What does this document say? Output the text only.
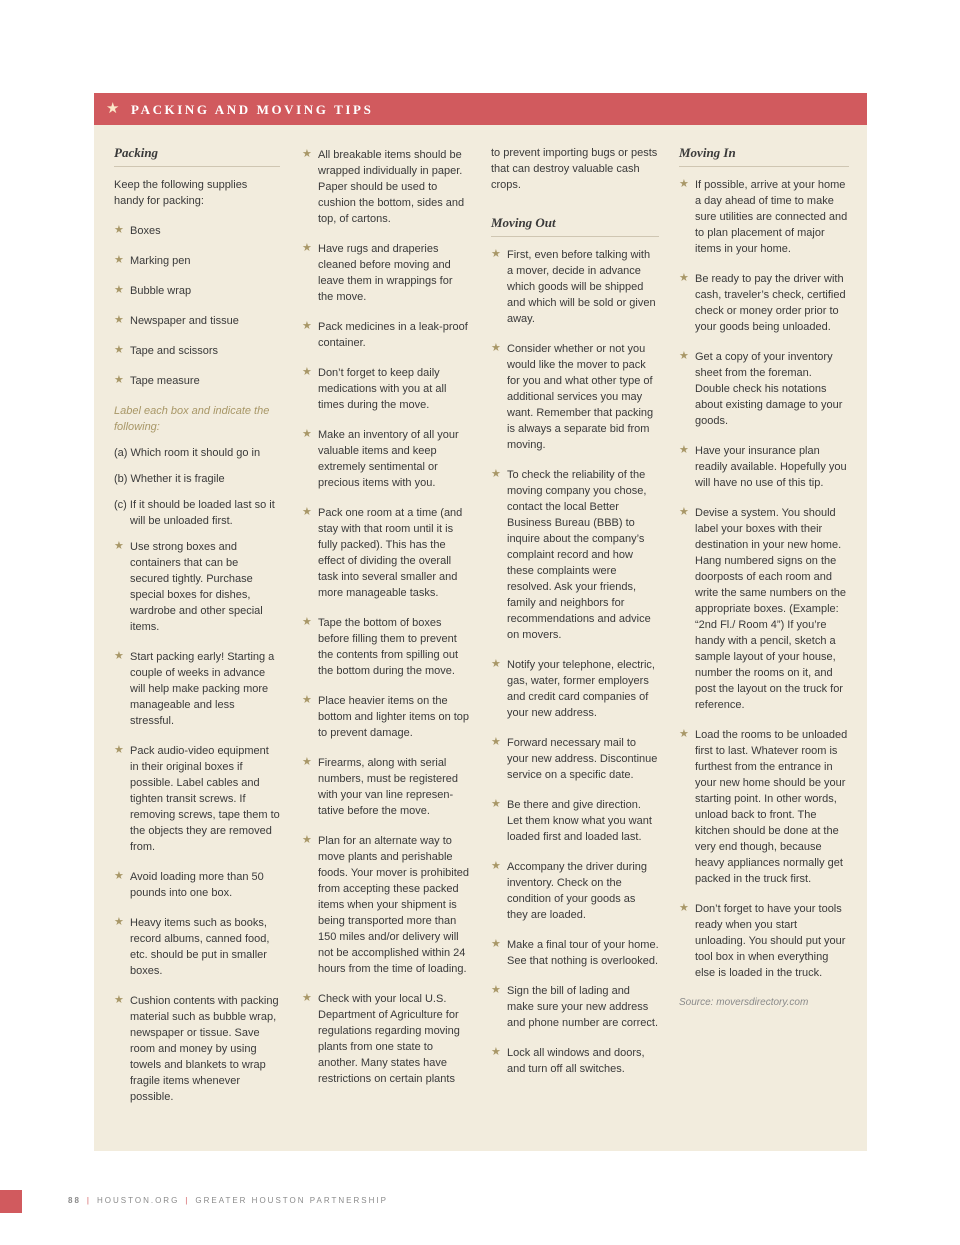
★ PACKING AND MOVING TIPS
Packing

Keep the following supplies handy for packing:

★ Boxes
★ Marking pen
★ Bubble wrap
★ Newspaper and tissue
★ Tape and scissors
★ Tape measure

Label each box and indicate the following:

(a) Which room it should go in

(b) Whether it is fragile

(c) If it should be loaded last so it will be unloaded first.

★ Use strong boxes and containers that can be secured tightly. Purchase special boxes for dishes, wardrobe and other special items.
★ Start packing early! Starting a couple of weeks in advance will help make packing more manageable and less stressful.
★ Pack audio-video equipment in their original boxes if possible. Label cables and tighten transit screws. If removing screws, tape them to the objects they are removed from.
★ Avoid loading more than 50 pounds into one box.
★ Heavy items such as books, record albums, canned food, etc. should be put in smaller boxes.
★ Cushion contents with packing material such as bubble wrap, newspaper or tissue. Save room and money by using towels and blankets to wrap fragile items whenever possible.
★ All breakable items should be wrapped individually in paper. Paper should be used to cushion the bottom, sides and top, of cartons.
★ Have rugs and draperies cleaned before moving and leave them in wrappings for the move.
★ Pack medicines in a leak-proof container.
★ Don’t forget to keep daily medications with you at all times during the move.
★ Make an inventory of all your valuable items and keep extremely sentimental or precious items with you.
★ Pack one room at a time (and stay with that room until it is fully packed). This has the effect of dividing the overall task into several smaller and more manageable tasks.
★ Tape the bottom of boxes before filling them to prevent the contents from spilling out the bottom during the move.
★ Place heavier items on the bottom and lighter items on top to prevent damage.
★ Firearms, along with serial numbers, must be registered with your van line represen-tative before the move.
★ Plan for an alternate way to move plants and perishable foods. Your mover is prohibited from accepting these packed items when your shipment is being transported more than 150 miles and/or delivery will not be accomplished within 24 hours from the time of loading.
★ Check with your local U.S. Department of Agriculture for regulations regarding moving plants from one state to another. Many states have restrictions on certain plants

to prevent importing bugs or pests that can destroy valuable cash crops.

Moving Out
★ First, even before talking with a mover, decide in advance which goods will be shipped and which will be sold or given away.
★ Consider whether or not you would like the mover to pack for you and what other type of additional services you may want. Remember that packing is always a separate bid from moving.
★ To check the reliability of the moving company you chose, contact the local Better Business Bureau (BBB) to inquire about the company’s complaint record and how these complaints were resolved. Ask your friends, family and neighbors for recommendations and advice on movers.
★ Notify your telephone, electric, gas, water, former employers and credit card companies of your new address.
★ Forward necessary mail to your new address. Discontinue service on a specific date.
★ Be there and give direction. Let them know what you want loaded first and loaded last.
★ Accompany the driver during inventory. Check on the condition of your goods as they are loaded.
★ Make a final tour of your home. See that nothing is overlooked.
★ Sign the bill of lading and make sure your new address and phone number are correct.
★ Lock all windows and doors, and turn off all switches.
Moving In
★ If possible, arrive at your home a day ahead of time to make sure utilities are connected and to plan placement of major items in your home.
★ Be ready to pay the driver with cash, traveler’s check, certified check or money order prior to your goods being unloaded.
★ Get a copy of your inventory sheet from the foreman. Double check his notations about existing damage to your goods.
★ Have your insurance plan readily available. Hopefully you will have no use of this tip.
★ Devise a system. You should label your boxes with their destination in your new home. Hang numbered signs on the doorposts of each room and write the same numbers on the appropriate boxes. (Example: “2nd Fl./ Room 4”) If you’re handy with a pencil, sketch a sample layout of your house, number the rooms on it, and post the layout on the truck for reference.
★ Load the rooms to be unloaded first to last. Whatever room is furthest from the entrance in your new home should be your starting point. In other words, unload back to front. The kitchen should be done at the very end though, because heavy appliances normally get packed in the truck first.
★ Don’t forget to have your tools ready when you start unloading. You should put your tool box in when everything else is loaded in the truck.

Source: moversdirectory.com

88 | HOUSTON.ORG | GREATER HOUSTON PARTNERSHIP
